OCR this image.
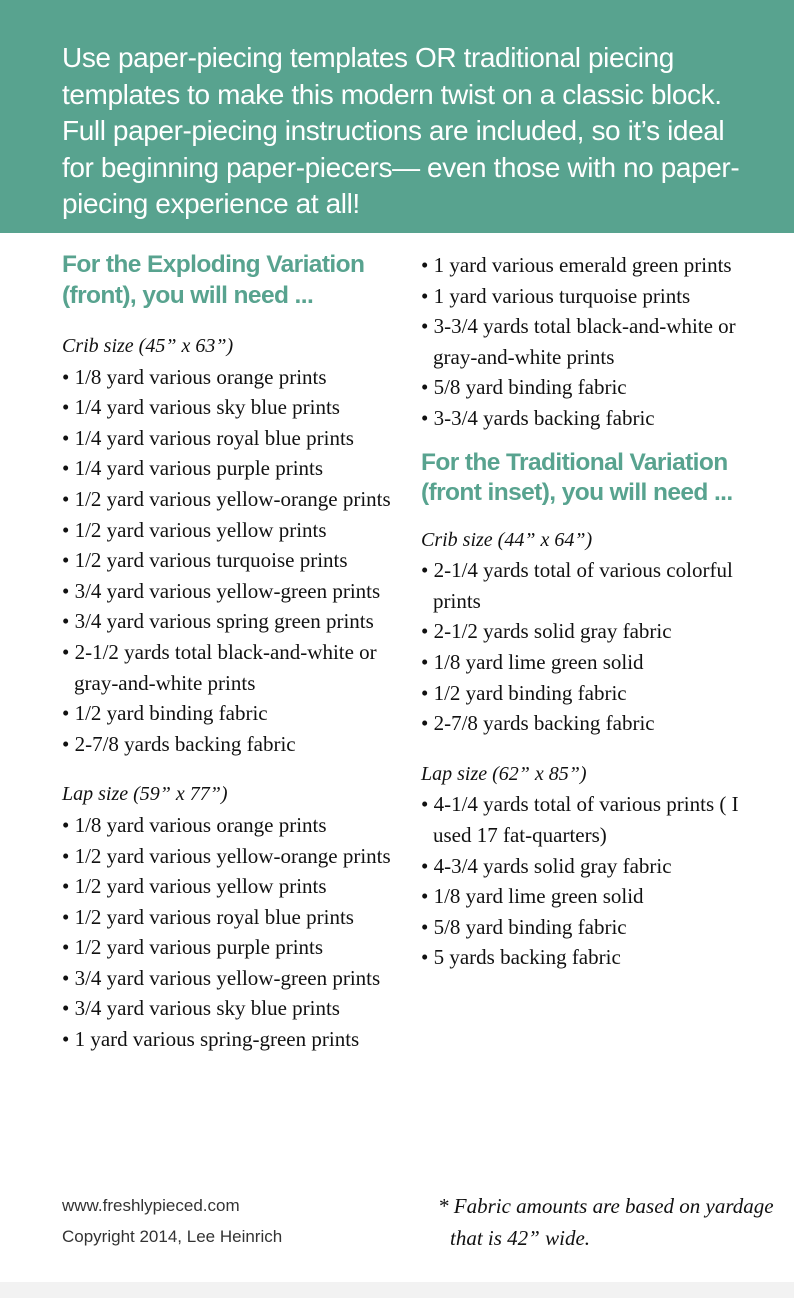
Use paper-piecing templates OR traditional piecing templates to make this modern twist on a classic block. Full paper-piecing instructions are included, so it’s ideal for beginning paper-piecers— even those with no paper-piecing experience at all!

For the Exploding Variation (front), you will need ...

Crib size (45” x 63”)

• 1/8 yard various orange prints
• 1/4 yard various sky blue prints
• 1/4 yard various royal blue prints
• 1/4 yard various purple prints
• 1/2 yard various yellow-orange prints
• 1/2 yard various yellow prints
• 1/2 yard various turquoise prints
• 3/4 yard various yellow-green prints
• 3/4 yard various spring green prints
• 2-1/2 yards total black-and-white or gray-and-white prints
• 1/2 yard binding fabric
• 2-7/8 yards backing fabric

Lap size (59” x 77”)

• 1/8 yard various orange prints
• 1/2 yard various yellow-orange prints
• 1/2 yard various yellow prints
• 1/2 yard various royal blue prints
• 1/2 yard various purple prints
• 3/4 yard various yellow-green prints
• 3/4 yard various sky blue prints
• 1 yard various spring-green prints
• 1 yard various emerald green prints
• 1 yard various turquoise prints
• 3-3/4 yards total black-and-white or gray-and-white prints
• 5/8 yard binding fabric
• 3-3/4 yards backing fabric
For the Traditional Variation (front inset), you will need ...

Crib size (44” x 64”)

• 2-1/4 yards total of various colorful prints
• 2-1/2 yards solid gray fabric
• 1/8 yard lime green solid
• 1/2 yard binding fabric
• 2-7/8 yards backing fabric

Lap size (62” x 85”)

• 4-1/4 yards total of various prints ( I used 17 fat-quarters)
• 4-3/4 yards solid gray fabric
• 1/8 yard lime green solid
• 5/8 yard binding fabric
• 5 yards backing fabric
www.freshlypieced.com
Copyright 2014, Lee Heinrich
* Fabric amounts are based on yardage that is 42” wide.
